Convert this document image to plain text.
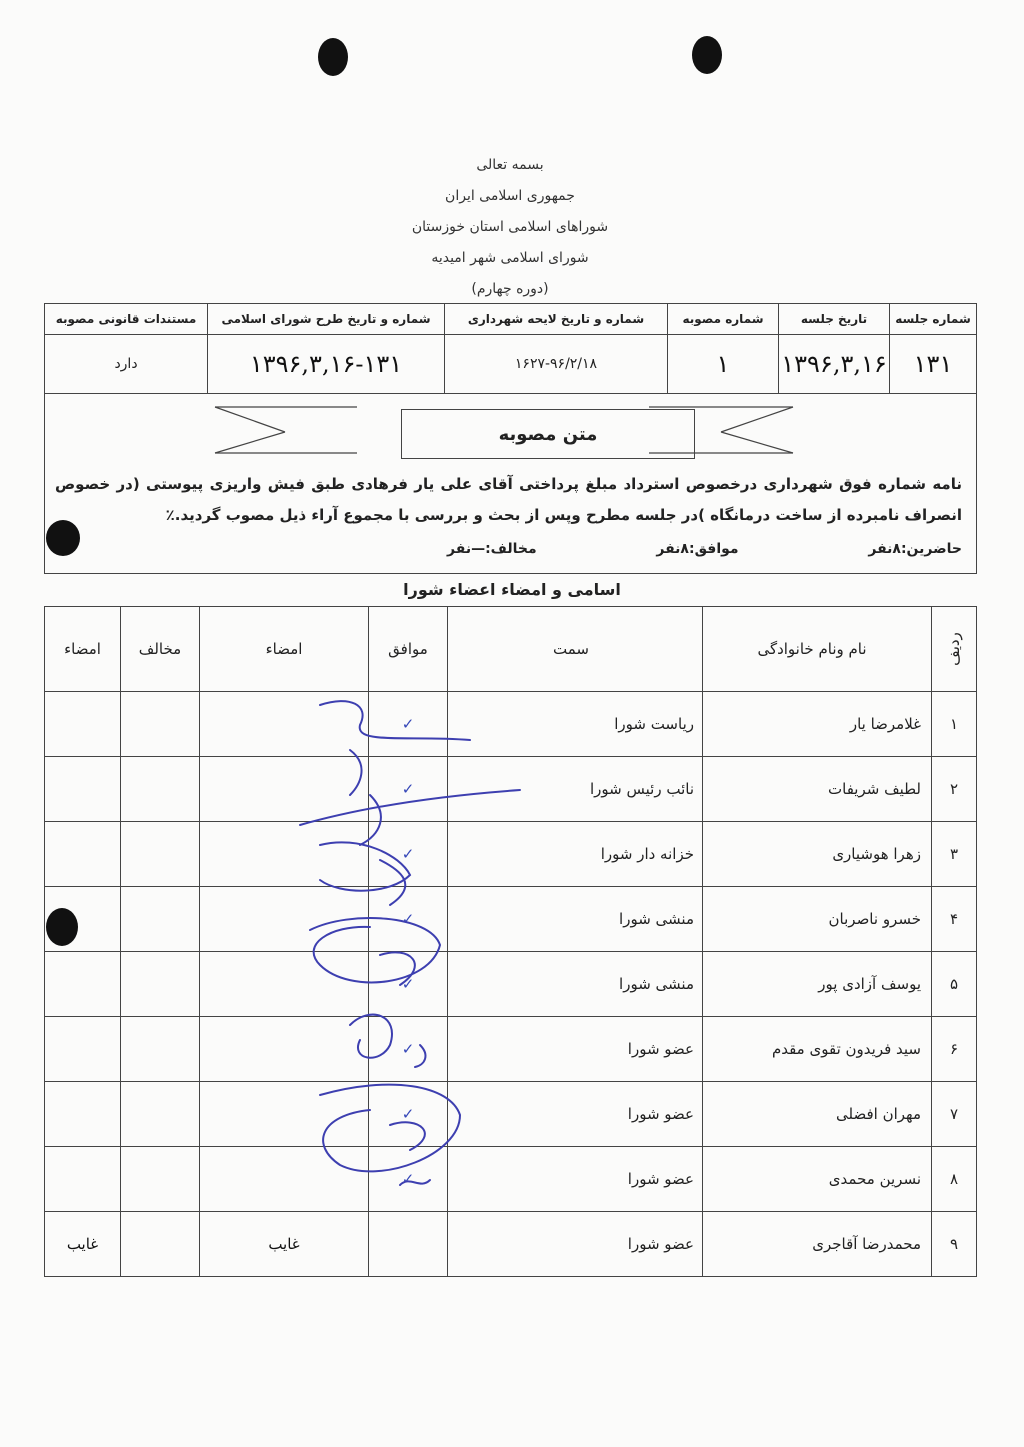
بسمه تعالی
جمهوری اسلامی ایران
شوراهای اسلامی استان خوزستان
شورای اسلامی شهر امیدیه
(دوره چهارم)
شماره جلسه	تاریخ جلسه	شماره مصوبه	شماره و تاریخ لایحه شهرداری	شماره و تاریخ طرح شورای اسلامی	مستندات قانونی مصوبه
۱۳۱	۱۳۹۶,۳,۱۶	۱	۱۶۲۷-۹۶/۲/۱۸	۱۳۹۶,۳,۱۶-۱۳۱	دارد
متن مصوبه
نامه شماره فوق شهرداری درخصوص استرداد مبلغ پرداختی آقای علی یار فرهادی طبق فیش واریزی پیوستی (در خصوص انصراف نامبرده از ساخت درمانگاه )در جلسه مطرح وپس از بحث و بررسی با مجموع آراء ذیل مصوب گردید.٪
حاضرین:۸نفر  موافق:۸نفر  مخالف:—نفر
اسامی و امضاء اعضاء شورا
ردیف	نام ونام خانوادگی	سمت	موافق	امضاء	مخالف	امضاء
۱	غلامرضا یار	ریاست شورا	✓			
۲	لطیف شریفات	نائب رئیس شورا	✓			
۳	زهرا هوشیاری	خزانه دار شورا	✓			
۴	خسرو ناصربان	منشی شورا	✓			
۵	یوسف آزادی پور	منشی شورا	✓			
۶	سید فریدون تقوی مقدم	عضو شورا	✓			
۷	مهران افضلی	عضو شورا	✓			
۸	نسرین محمدی	عضو شورا	✓			
۹	محمدرضا آقاجری	عضو شورا		غایب		غایب
